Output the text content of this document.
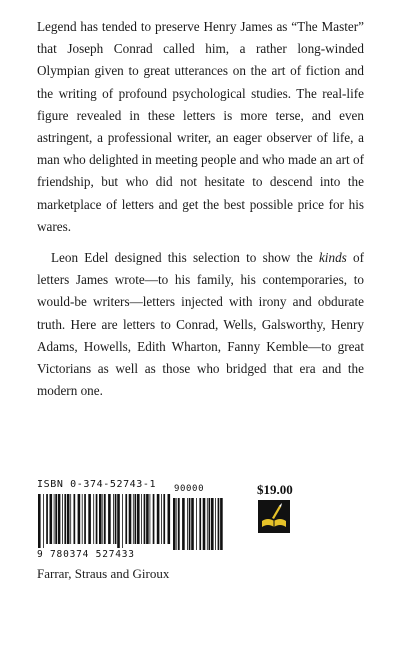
Legend has tended to preserve Henry James as “The Master” that Joseph Conrad called him, a rather long-winded Olympian given to great utterances on the art of fiction and the writing of profound psychological studies. The real-life figure revealed in these letters is more terse, and even astringent, a professional writer, an eager observer of life, a man who delighted in meeting people and who made an art of friendship, but who did not hesitate to descend into the marketplace of letters and get the best possible price for his wares.

Leon Edel designed this selection to show the kinds of letters James wrote—to his family, his contemporaries, to would-be writers—letters injected with irony and obdurate truth. Here are letters to Conrad, Wells, Galsworthy, Henry Adams, Howells, Edith Wharton, Fanny Kemble—to great Victorians as well as those who bridged that era and the modern one.

ISBN 0-374-52743-1 90000
9 780374 527433
$19.00
Farrar, Straus and Giroux
